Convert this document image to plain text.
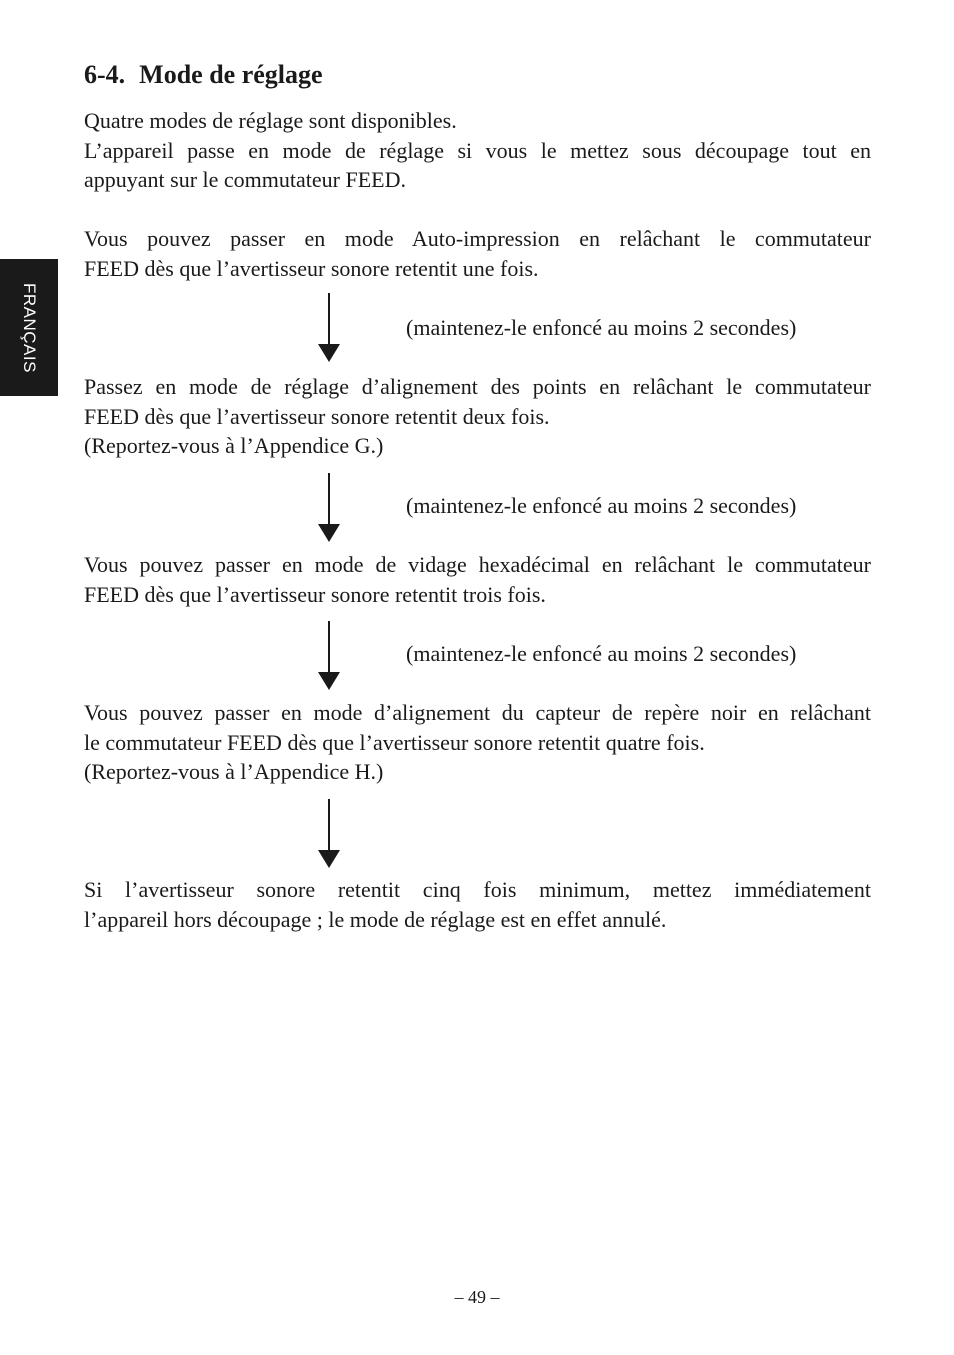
FRANÇAIS
6-4. Mode de réglage
Quatre modes de réglage sont disponibles.
L’appareil passe en mode de réglage si vous le mettez sous découpage tout en
appuyant sur le commutateur FEED.
Vous pouvez passer en mode Auto-impression en relâchant le commutateur
FEED dès que l’avertisseur sonore retentit une fois.

(maintenez-le enfoncé au moins 2 secondes)

Passez en mode de réglage d’alignement des points en relâchant le commutateur
FEED dès que l’avertisseur sonore retentit deux fois.
(Reportez-vous à l’Appendice G.)

(maintenez-le enfoncé au moins 2 secondes)

Vous pouvez passer en mode de vidage hexadécimal en relâchant le commutateur
FEED dès que l’avertisseur sonore retentit trois fois.

(maintenez-le enfoncé au moins 2 secondes)

Vous pouvez passer en mode d’alignement du capteur de repère noir en relâchant
le commutateur FEED dès que l’avertisseur sonore retentit quatre fois.
(Reportez-vous à l’Appendice H.)
Si l’avertisseur sonore retentit cinq fois minimum, mettez immédiatement
l’appareil hors découpage ; le mode de réglage est en effet annulé.

– 49 –
